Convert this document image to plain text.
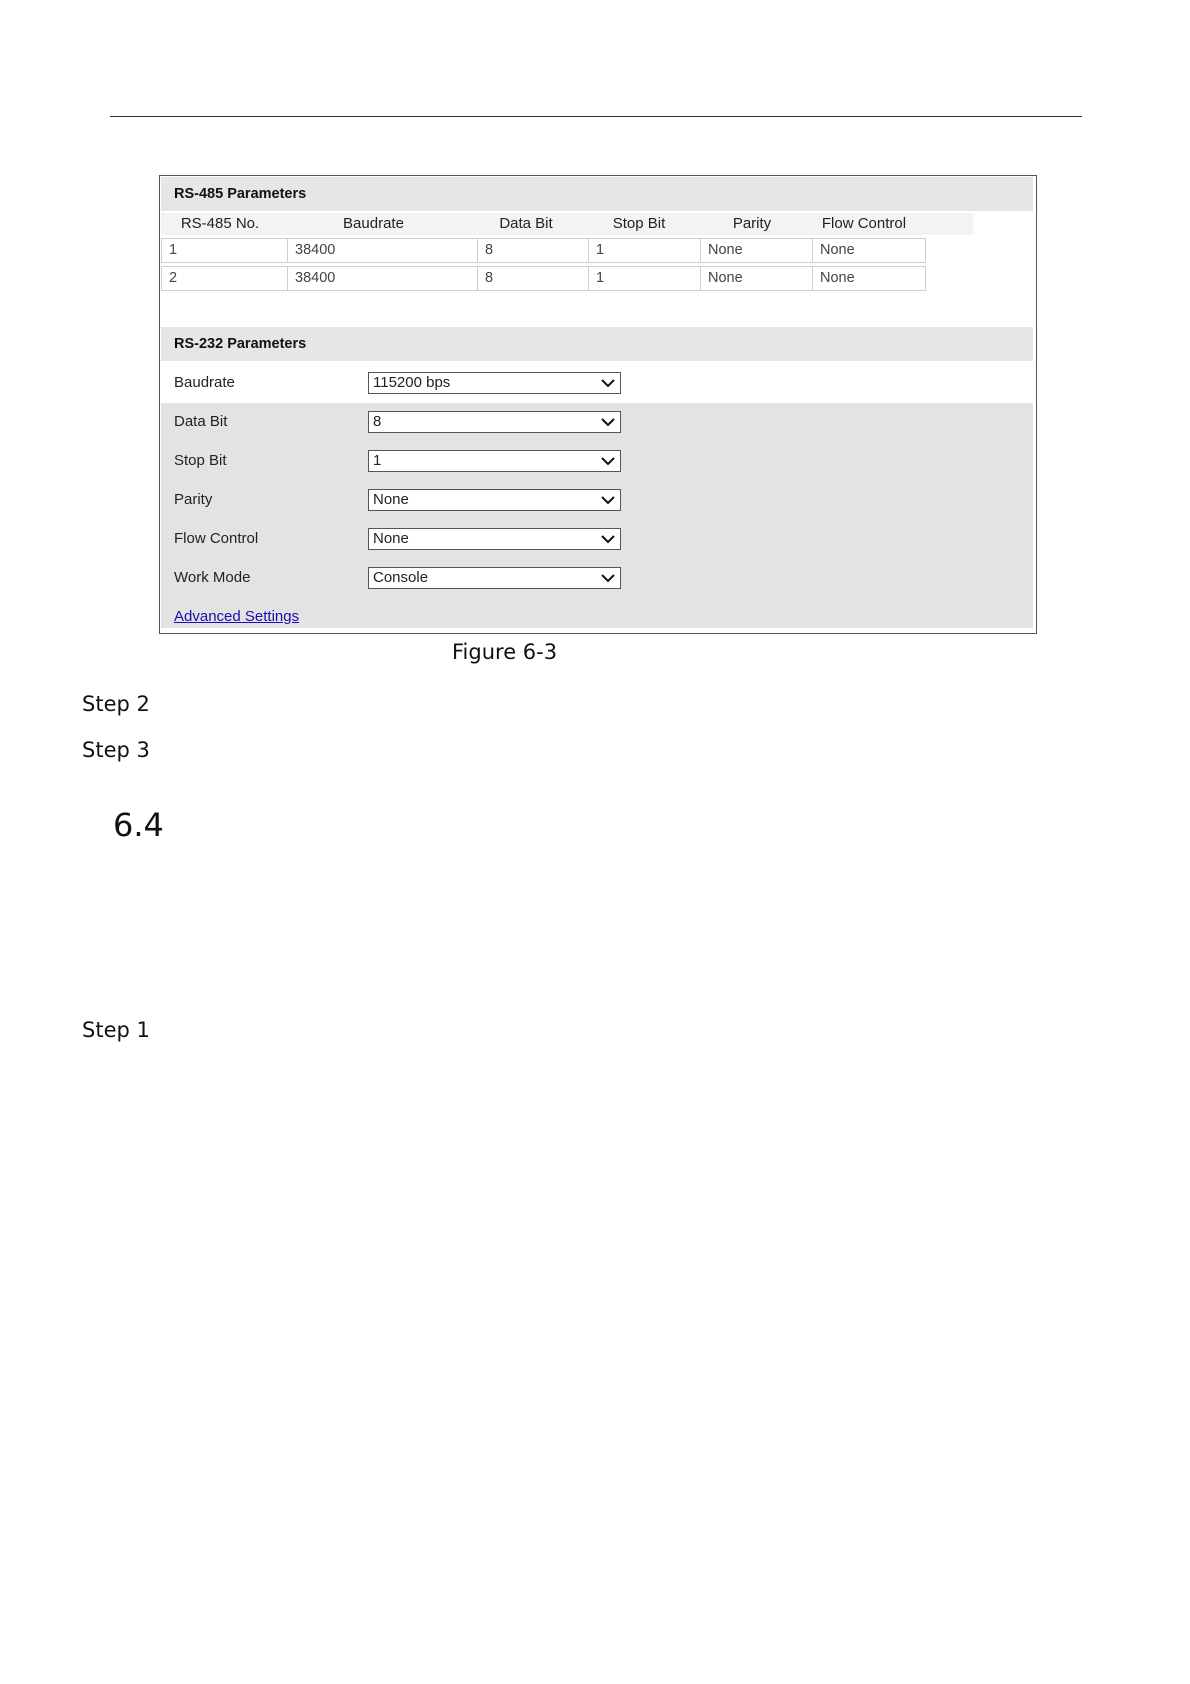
RS-485 Parameters
RS-485 No.	Baudrate	Data Bit	Stop Bit	Parity	Flow Control
1	38400	8	1	None	None
2	38400	8	1	None	None
RS-232 Parameters
Baudrate	115200 bps
Data Bit	8
Stop Bit	1
Parity	None
Flow Control	None
Work Mode	Console
Advanced Settings
Figure 6-3
Step 2
Step 3
6.4
Step 1
